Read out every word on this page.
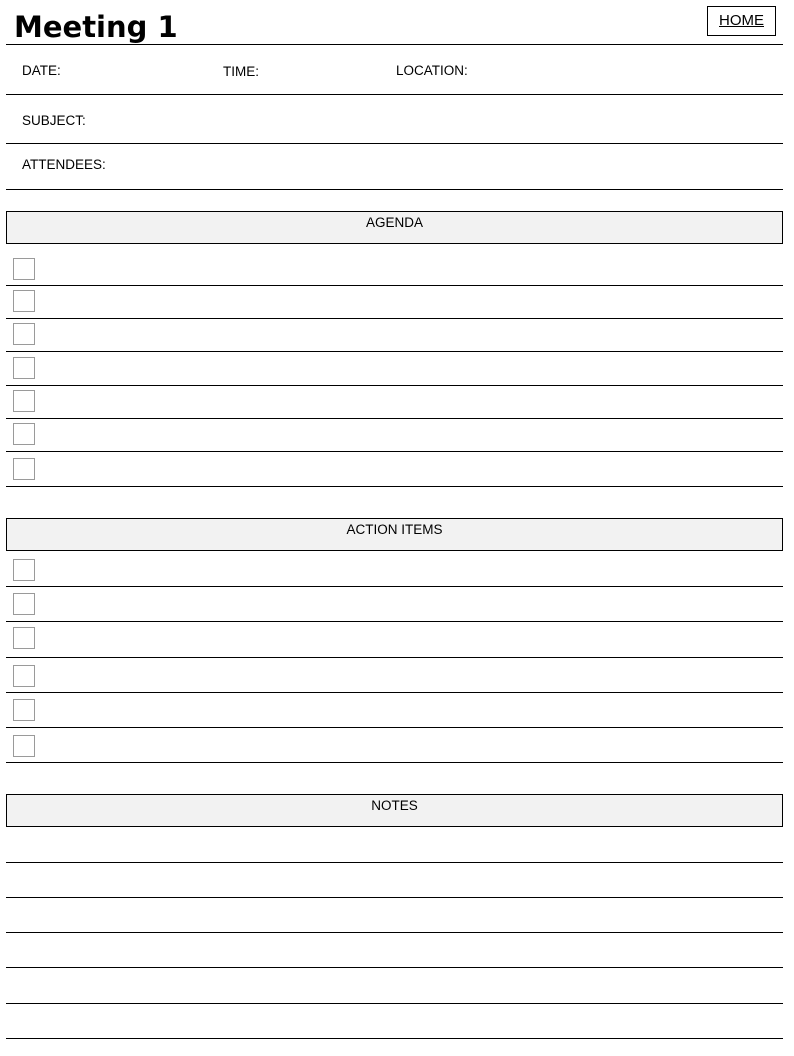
Meeting 1	HOME
DATE:	TIME:	LOCATION:
SUBJECT:
ATTENDEES:
AGENDA
ACTION ITEMS
NOTES
